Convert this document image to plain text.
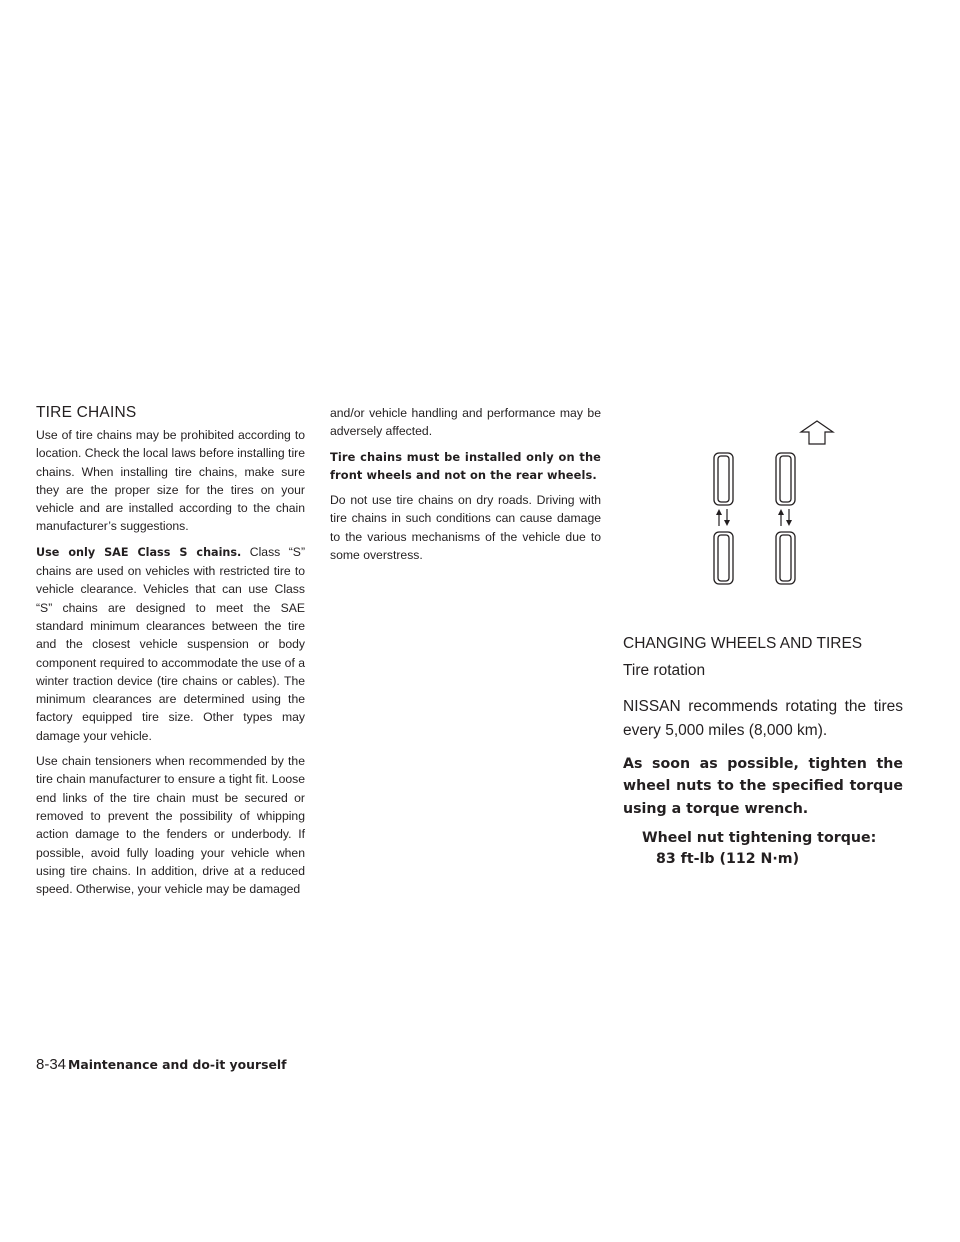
TIRE CHAINS

Use of tire chains may be prohibited according to location. Check the local laws before installing tire chains. When installing tire chains, make sure they are the proper size for the tires on your vehicle and are installed according to the chain manufacturer’s suggestions.

Use only SAE Class S chains. Class “S” chains are used on vehicles with restricted tire to vehicle clearance. Vehicles that can use Class “S” chains are designed to meet the SAE standard minimum clearances between the tire and the closest vehicle suspension or body component required to accommodate the use of a winter traction device (tire chains or cables). The minimum clearances are determined using the factory equipped tire size. Other types may damage your vehicle.

Use chain tensioners when recommended by the tire chain manufacturer to ensure a tight fit. Loose end links of the tire chain must be secured or removed to prevent the possibility of whipping action damage to the fenders or underbody. If possible, avoid fully loading your vehicle when using tire chains. In addition, drive at a reduced speed. Otherwise, your vehicle may be damaged

and/or vehicle handling and performance may be adversely affected.

Tire chains must be installed only on the front wheels and not on the rear wheels.

Do not use tire chains on dry roads. Driving with tire chains in such conditions can cause damage to the various mechanisms of the vehicle due to some overstress.

CHANGING WHEELS AND TIRES
Tire rotation

NISSAN recommends rotating the tires every 5,000 miles (8,000 km).

As soon as possible, tighten the wheel nuts to the specified torque using a torque wrench.

Wheel nut tightening torque:
83 ft-lb (112 N·m)
8-34 Maintenance and do-it yourself
